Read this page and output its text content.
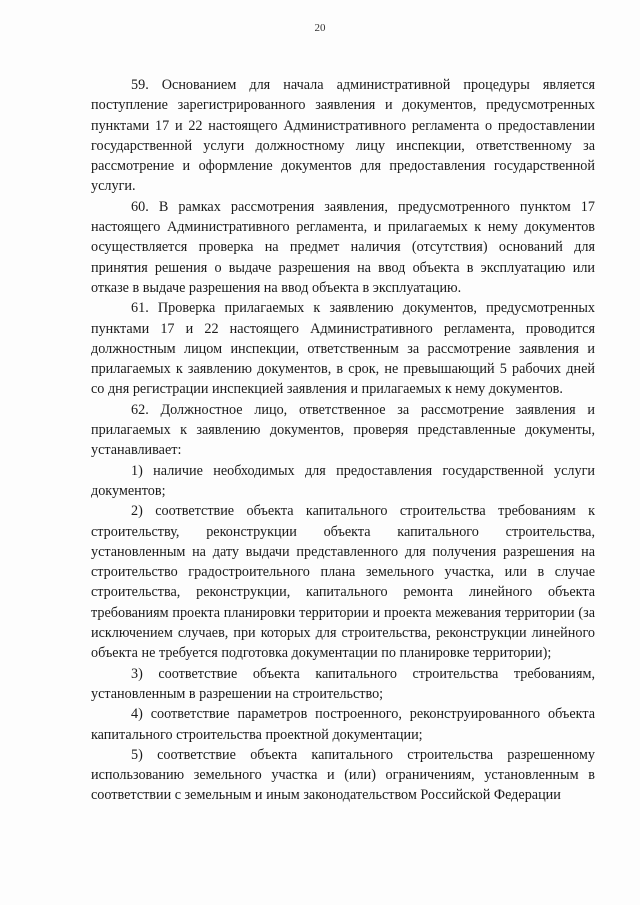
20

59. Основанием для начала административной процедуры является поступление зарегистрированного заявления и документов, предусмотренных пунктами 17 и 22 настоящего Административного регламента о предоставлении государственной услуги должностному лицу инспекции, ответственному за рассмотрение и оформление документов для предоставления государственной услуги.

60. В рамках рассмотрения заявления, предусмотренного пунктом 17 настоящего Административного регламента, и прилагаемых к нему документов осуществляется проверка на предмет наличия (отсутствия) оснований для принятия решения о выдаче разрешения на ввод объекта в эксплуатацию или отказе в выдаче разрешения на ввод объекта в эксплуатацию.

61. Проверка прилагаемых к заявлению документов, предусмотренных пунктами 17 и 22 настоящего Административного регламента, проводится должностным лицом инспекции, ответственным за рассмотрение заявления и прилагаемых к заявлению документов, в срок, не превышающий 5 рабочих дней со дня регистрации инспекцией заявления и прилагаемых к нему документов.

62. Должностное лицо, ответственное за рассмотрение заявления и прилагаемых к заявлению документов, проверяя представленные документы, устанавливает:

1) наличие необходимых для предоставления государственной услуги документов;

2) соответствие объекта капитального строительства требованиям к строительству, реконструкции объекта капитального строительства, установленным на дату выдачи представленного для получения разрешения на строительство градостроительного плана земельного участка, или в случае строительства, реконструкции, капитального ремонта линейного объекта требованиям проекта планировки территории и проекта межевания территории (за исключением случаев, при которых для строительства, реконструкции линейного объекта не требуется подготовка документации по планировке территории);

3) соответствие объекта капитального строительства требованиям, установленным в разрешении на строительство;

4) соответствие параметров построенного, реконструированного объекта капитального строительства проектной документации;

5) соответствие объекта капитального строительства разрешенному использованию земельного участка и (или) ограничениям, установленным в соответствии с земельным и иным законодательством Российской Федерации
